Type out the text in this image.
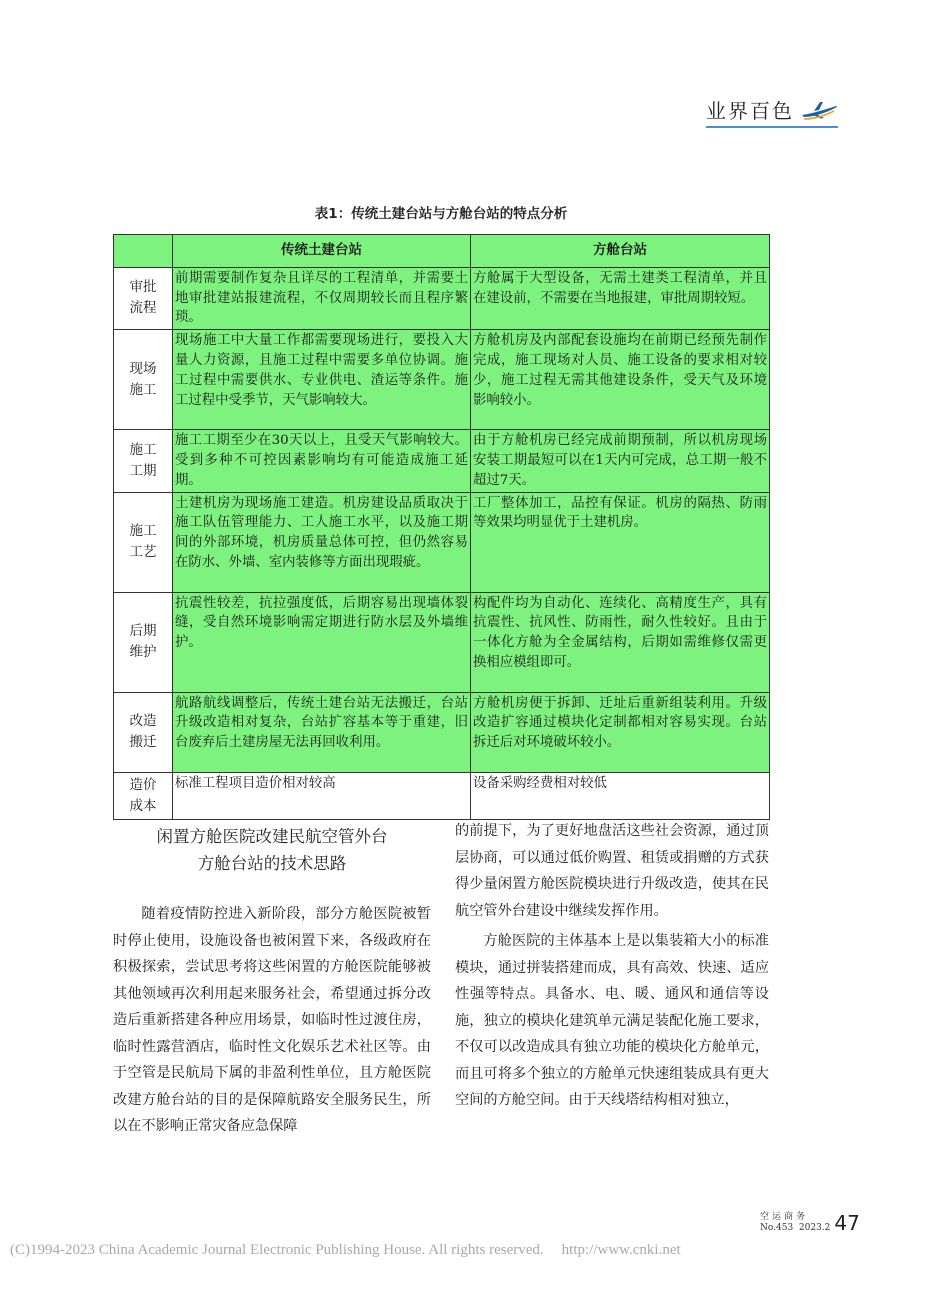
业界百色
表1：传统土建台站与方舱台站的特点分析
	传统土建台站	方舱台站
审批
流程	前期需要制作复杂且详尽的工程清单，并需要土地审批建站报建流程，不仅周期较长而且程序繁琐。	方舱属于大型设备，无需土建类工程清单，并且在建设前，不需要在当地报建，审批周期较短。
现场
施工	现场施工中大量工作都需要现场进行，要投入大量人力资源，且施工过程中需要多单位协调。施工过程中需要供水、专业供电、渣运等条件。施工过程中受季节，天气影响较大。	方舱机房及内部配套设施均在前期已经预先制作完成，施工现场对人员、施工设备的要求相对较少，施工过程无需其他建设条件，受天气及环境影响较小。
施工
工期	施工工期至少在30天以上，且受天气影响较大。受到多种不可控因素影响均有可能造成施工延期。	由于方舱机房已经完成前期预制，所以机房现场安装工期最短可以在1天内可完成，总工期一般不超过7天。
施工
工艺	土建机房为现场施工建造。机房建设品质取决于施工队伍管理能力、工人施工水平，以及施工期间的外部环境，机房质量总体可控，但仍然容易在防水、外墙、室内装修等方面出现瑕疵。	工厂整体加工，品控有保证。机房的隔热、防雨等效果均明显优于土建机房。
后期
维护	抗震性较差，抗拉强度低，后期容易出现墙体裂缝，受自然环境影响需定期进行防水层及外墙维护。	构配件均为自动化、连续化、高精度生产，具有抗震性、抗风性、防雨性，耐久性较好。且由于一体化方舱为全金属结构，后期如需维修仅需更换相应模组即可。
改造
搬迁	航路航线调整后，传统土建台站无法搬迁，台站升级改造相对复杂，台站扩容基本等于重建，旧台废弃后土建房屋无法再回收利用。	方舱机房便于拆卸、迁址后重新组装利用。升级改造扩容通过模块化定制都相对容易实现。台站拆迁后对环境破坏较小。
造价
成本	标准工程项目造价相对较高	设备采购经费相对较低
闲置方舱医院改建民航空管外台
方舱台站的技术思路

随着疫情防控进入新阶段，部分方舱医院被暂时停止使用，设施设备也被闲置下来，各级政府在积极探索，尝试思考将这些闲置的方舱医院能够被其他领域再次利用起来服务社会，希望通过拆分改造后重新搭建各种应用场景，如临时性过渡住房，临时性露营酒店，临时性文化娱乐艺术社区等。由于空管是民航局下属的非盈利性单位，且方舱医院改建方舱台站的目的是保障航路安全服务民生，所以在不影响正常灾备应急保障

的前提下，为了更好地盘活这些社会资源，通过顶层协商，可以通过低价购置、租赁或捐赠的方式获得少量闲置方舱医院模块进行升级改造，使其在民航空管外台建设中继续发挥作用。

方舱医院的主体基本上是以集装箱大小的标准模块，通过拼装搭建而成，具有高效、快速、适应性强等特点。具备水、电、暖、通风和通信等设施，独立的模块化建筑单元满足装配化施工要求，不仅可以改造成具有独立功能的模块化方舱单元，而且可将多个独立的方舱单元快速组装成具有更大空间的方舱空间。由于天线塔结构相对独立，

空运商务
No.453 2023.2 47
(C)1994-2023 China Academic Journal Electronic Publishing House. All rights reserved. http://www.cnki.net
